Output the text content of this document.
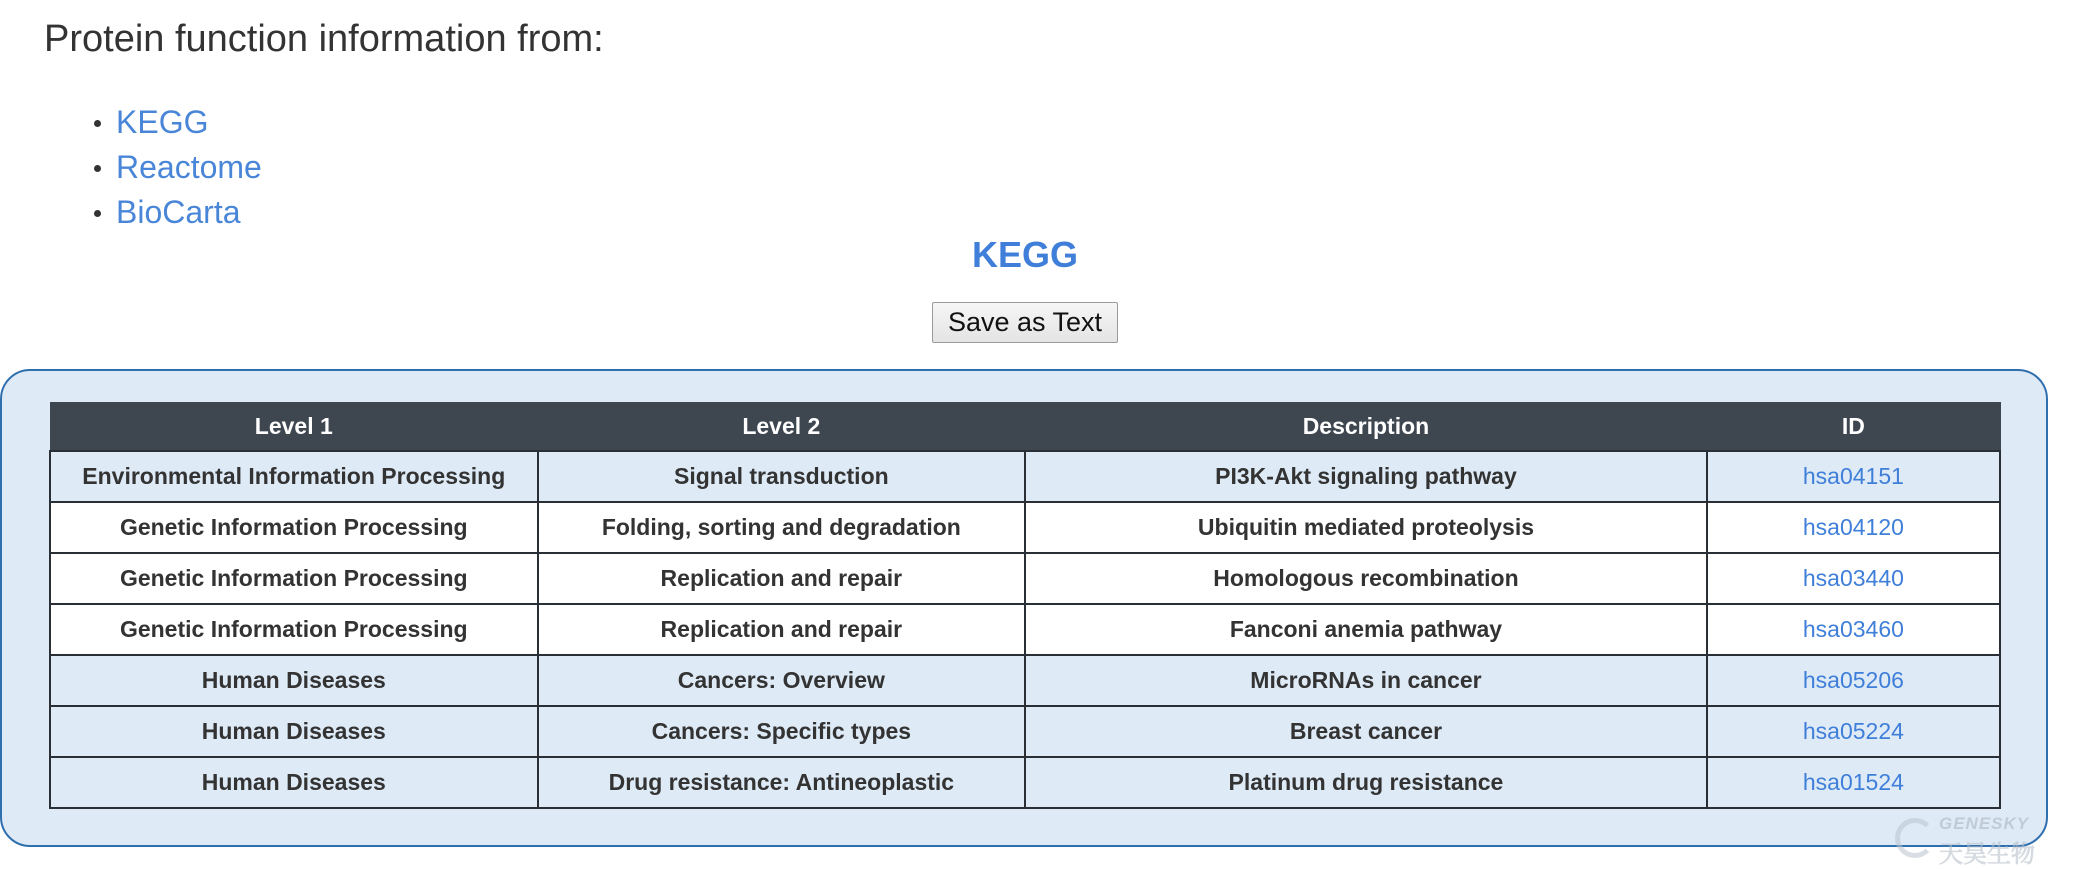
Protein function information from:
KEGG
Reactome
BioCarta
KEGG
Save as Text
Level 1	Level 2	Description	ID
Environmental Information Processing	Signal transduction	PI3K-Akt signaling pathway	hsa04151
Genetic Information Processing	Folding, sorting and degradation	Ubiquitin mediated proteolysis	hsa04120
Genetic Information Processing	Replication and repair	Homologous recombination	hsa03440
Genetic Information Processing	Replication and repair	Fanconi anemia pathway	hsa03460
Human Diseases	Cancers: Overview	MicroRNAs in cancer	hsa05206
Human Diseases	Cancers: Specific types	Breast cancer	hsa05224
Human Diseases	Drug resistance: Antineoplastic	Platinum drug resistance	hsa01524
GENESKY
天昊生物
